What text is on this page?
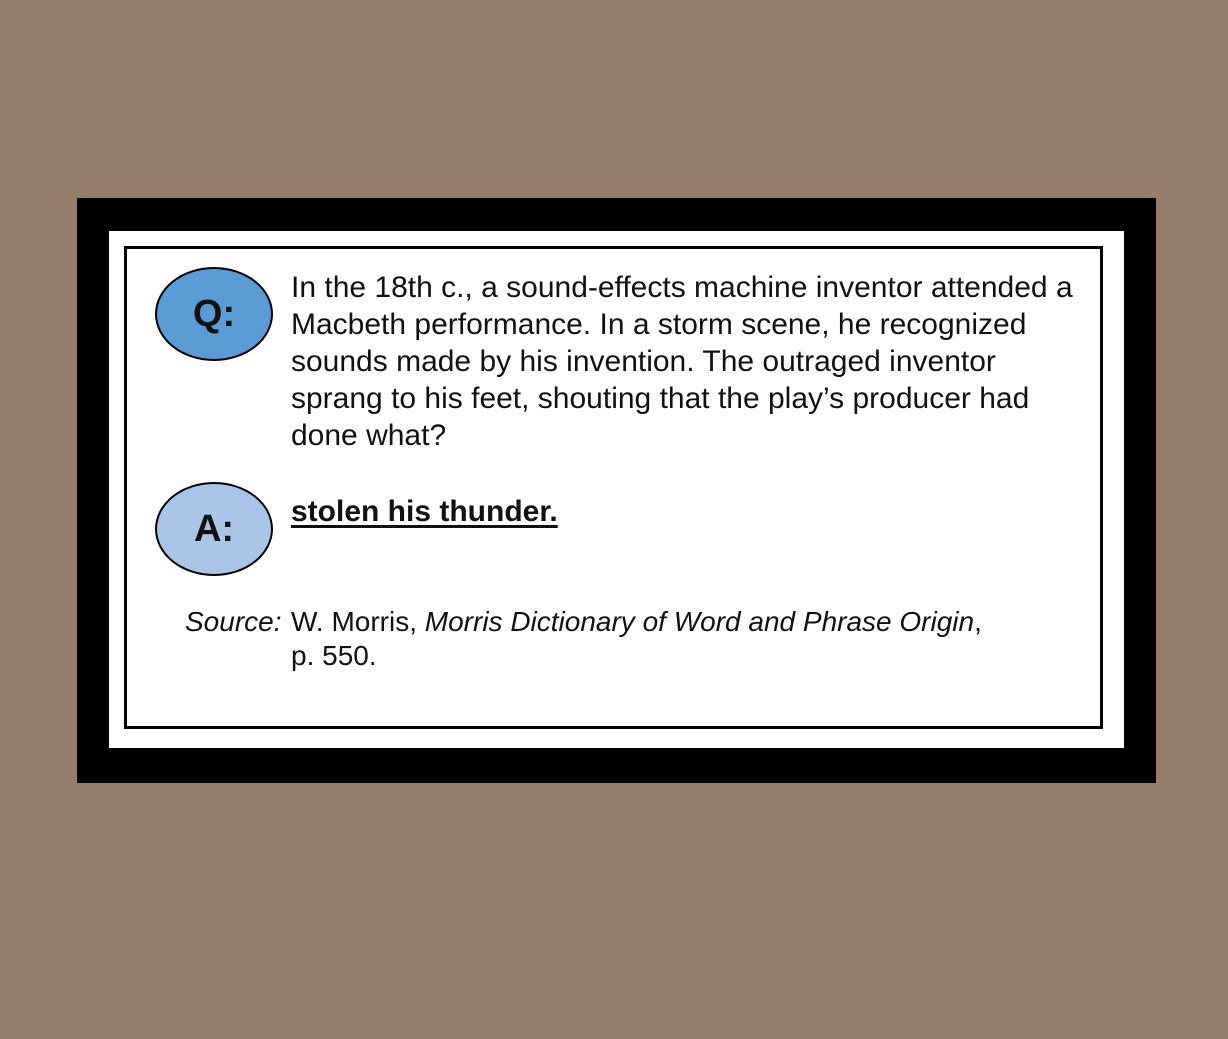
Q:

In the 18th c., a sound-effects machine inventor attended a Macbeth performance. In a storm scene, he recognized sounds made by his invention. The outraged inventor sprang to his feet, shouting that the play’s producer had done what?

A: stolen his thunder.
Source: W. Morris, Morris Dictionary of Word and Phrase Origin,
p. 550.
